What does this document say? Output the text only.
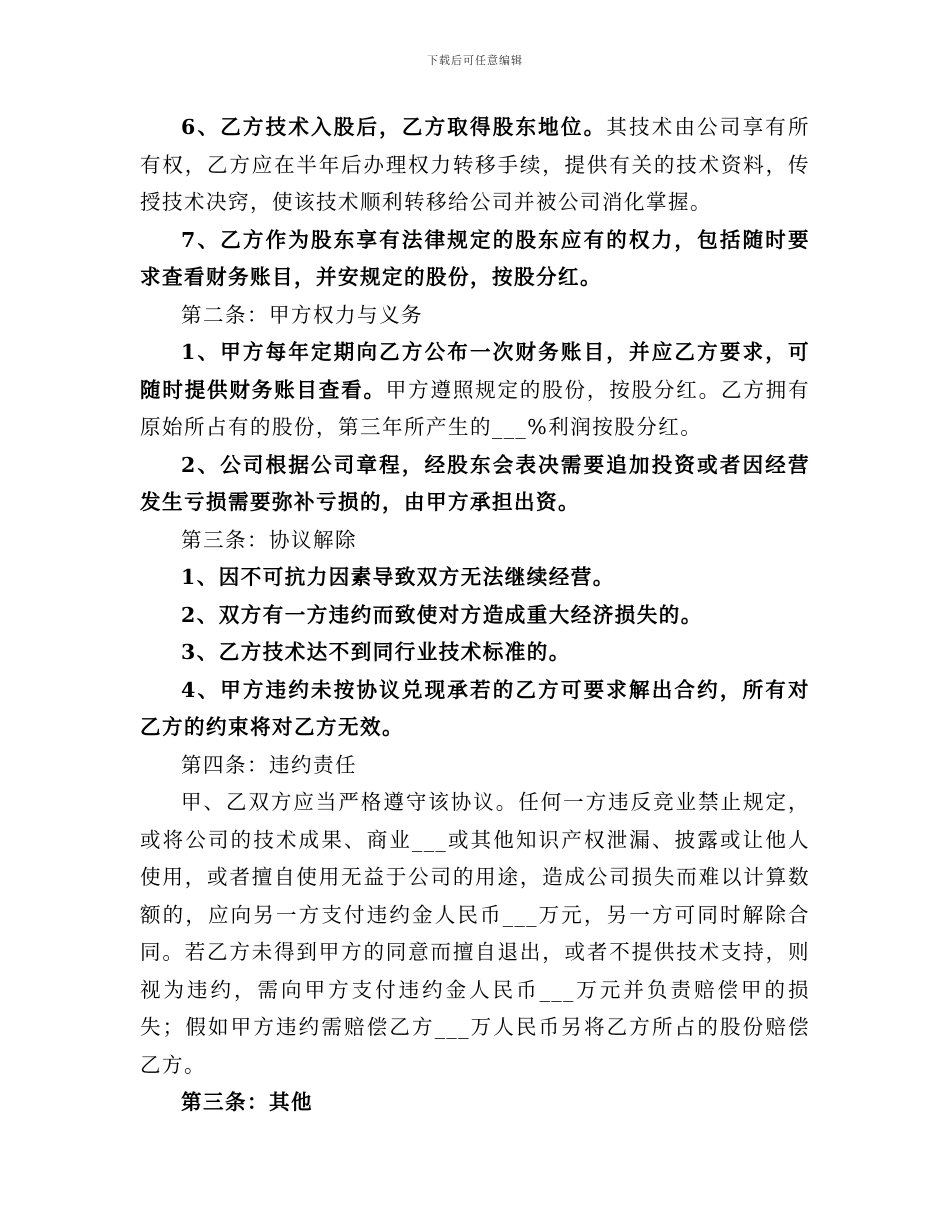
下载后可任意编辑

6、乙方技术入股后，乙方取得股东地位。其技术由公司享有所有权，乙方应在半年后办理权力转移手续，提供有关的技术资料，传授技术决窍，使该技术顺利转移给公司并被公司消化掌握。

7、乙方作为股东享有法律规定的股东应有的权力，包括随时要求查看财务账目，并安规定的股份，按股分红。

第二条：甲方权力与义务

1、甲方每年定期向乙方公布一次财务账目，并应乙方要求，可随时提供财务账目查看。甲方遵照规定的股份，按股分红。乙方拥有原始所占有的股份，第三年所产生的___%利润按股分红。

2、公司根据公司章程，经股东会表决需要追加投资或者因经营发生亏损需要弥补亏损的，由甲方承担出资。

第三条：协议解除

1、因不可抗力因素导致双方无法继续经营。

2、双方有一方违约而致使对方造成重大经济损失的。

3、乙方技术达不到同行业技术标准的。

4、甲方违约未按协议兑现承若的乙方可要求解出合约，所有对乙方的约束将对乙方无效。

第四条：违约责任

甲、乙双方应当严格遵守该协议。任何一方违反竞业禁止规定，或将公司的技术成果、商业___或其他知识产权泄漏、披露或让他人使用，或者擅自使用无益于公司的用途，造成公司损失而难以计算数额的，应向另一方支付违约金人民币___万元，另一方可同时解除合同。若乙方未得到甲方的同意而擅自退出，或者不提供技术支持，则视为违约，需向甲方支付违约金人民币___万元并负责赔偿甲的损失；假如甲方违约需赔偿乙方___万人民币另将乙方所占的股份赔偿乙方。

第三条：其他
